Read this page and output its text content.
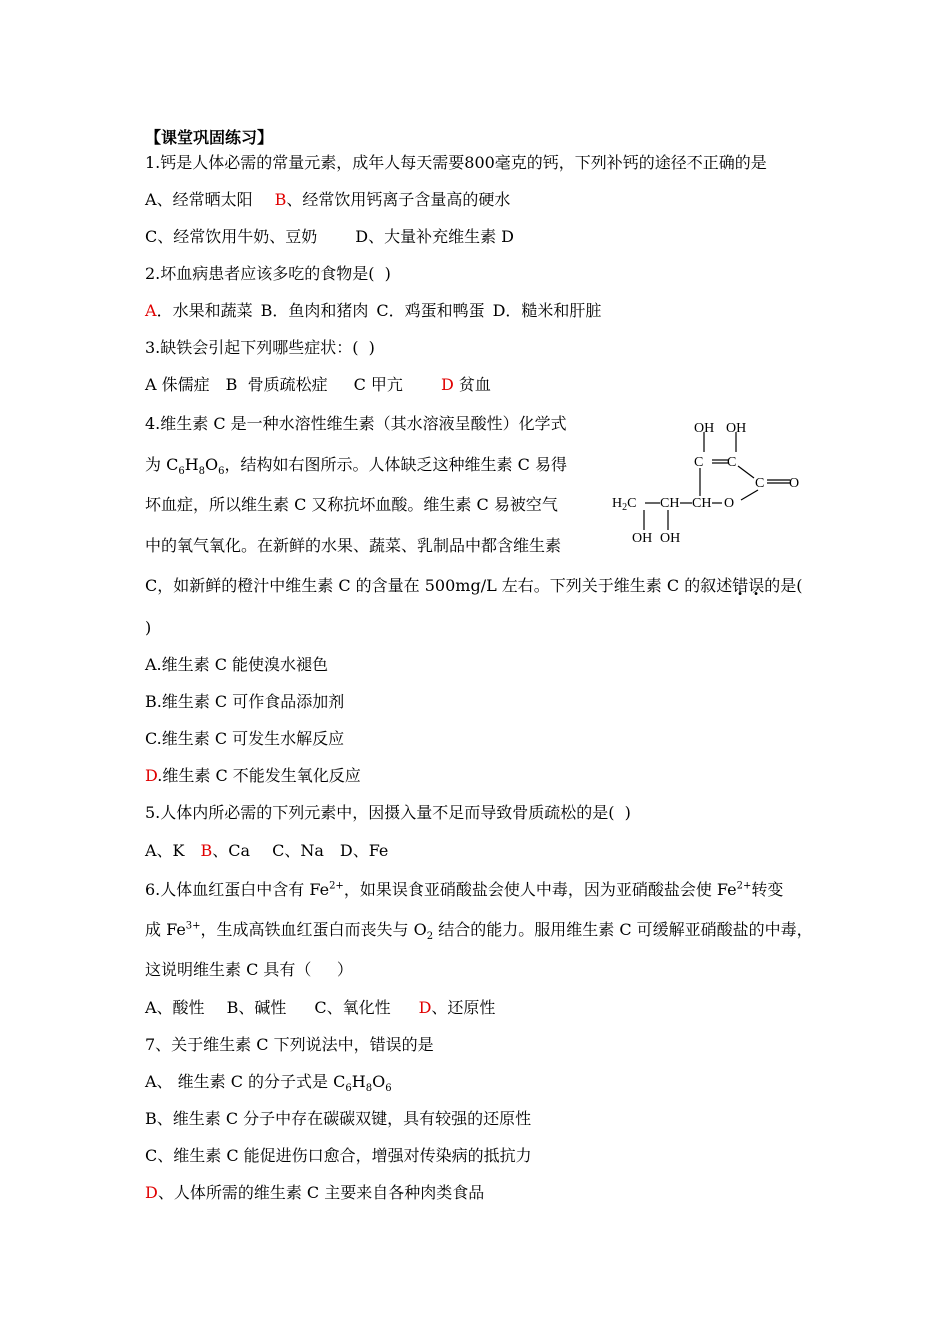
【课堂巩固练习】
1.钙是人体必需的常量元素，成年人每天需要800毫克的钙，下列补钙的途径不正确的是
A、经常晒太阳 B、经常饮用钙离子含量高的硬水
C、经常饮用牛奶、豆奶 D、大量补充维生素 D
2.坏血病患者应该多吃的食物是(  )
A．水果和蔬菜 B．鱼肉和猪肉 C．鸡蛋和鸭蛋 D．糙米和肝脏
3.缺铁会引起下列哪些症状：(  )
A 侏儒症 B  骨质疏松症 C 甲亢 D 贫血
4.维生素 C 是一种水溶性维生素（其水溶液呈酸性）化学式
为 $C_6H_8O_6$，结构如右图所示。人体缺乏这种维生素 C 易得
坏血症，所以维生素 C 又称抗坏血酸。维生素 C 易被空气
中的氧气氧化。在新鲜的水果、蔬菜、乳制品中都含维生素
C，如新鲜的橙汁中维生素 C 的含量在 500mg/L 左右。下列关于维生素 C 的叙述错误的是(
)
A.维生素 C 能使溴水褪色
B.维生素 C 可作食品添加剂
C.维生素 C 可发生水解反应
D.维生素 C 不能发生氧化反应
OH OH
C C
C O
O
$H_2C$ CH CH
OH OH
5.人体内所必需的下列元素中，因摄入量不足而导致骨质疏松的是(  )
A、K B、Ca C、Na D、Fe
6.人体血红蛋白中含有 $Fe^{2+}$，如果误食亚硝酸盐会使人中毒，因为亚硝酸盐会使 $Fe^{2+}$转变
成 $Fe^{3+}$，生成高铁血红蛋白而丧失与 $O_2$ 结合的能力。服用维生素 C 可缓解亚硝酸盐的中毒，
这说明维生素 C 具有（     ）
A、酸性 B、碱性 C、氧化性 D、还原性
7、关于维生素 C 下列说法中，错误的是
A、 维生素 C 的分子式是 $C_6H_8O_6$
B、维生素 C 分子中存在碳碳双键，具有较强的还原性
C、维生素 C 能促进伤口愈合，增强对传染病的抵抗力
D、人体所需的维生素 C 主要来自各种肉类食品
